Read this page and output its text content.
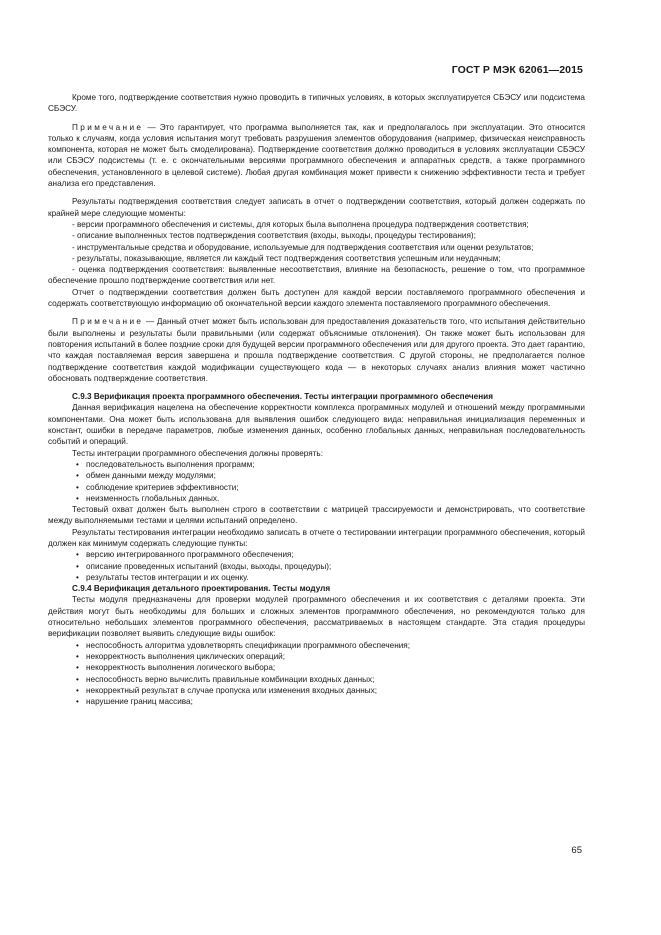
ГОСТ Р МЭК 62061—2015

Кроме того, подтверждение соответствия нужно проводить в типичных условиях, в которых эксплуатируется СБЭСУ или подсистема СБЭСУ.

Примечание — Это гарантирует, что программа выполняется так, как и предполагалось при эксплуатации. Это относится только к случаям, когда условия испытания могут требовать разрушения элементов оборудования (например, физическая неисправность компонента, которая не может быть смоделирована). Подтверждение соответствия должно проводиться в условиях эксплуатации СБЭСУ или СБЭСУ подсистемы (т. е. с окончательными версиями программного обеспечения и аппаратных средств, а также программного обеспечения, установленного в целевой системе). Любая другая комбинация может привести к снижению эффективности теста и требует анализа его представления.

Результаты подтверждения соответствия следует записать в отчет о подтверждении соответствия, который должен содержать по крайней мере следующие моменты:

- версии программного обеспечения и системы, для которых была выполнена процедура подтверждения соответствия;
- описание выполненных тестов подтверждения соответствия (входы, выходы, процедуры тестирования);
- инструментальные средства и оборудование, используемые для подтверждения соответствия или оценки результатов;
- результаты, показывающие, является ли каждый тест подтверждения соответствия успешным или неудачным;
- оценка подтверждения соответствия: выявленные несоответствия, влияние на безопасность, решение о том, что программное обеспечение прошло подтверждение соответствия или нет.

Отчет о подтверждении соответствия должен быть доступен для каждой версии поставляемого программного обеспечения и содержать соответствующую информацию об окончательной версии каждого элемента поставляемого программного обеспечения.

Примечание — Данный отчет может быть использован для предоставления доказательств того, что испытания действительно были выполнены и результаты были правильными (или содержат объяснимые отклонения). Он также может быть использован для повторения испытаний в более поздние сроки для будущей версии программного обеспечения или для другого проекта. Это дает гарантию, что каждая поставляемая версия завершена и прошла подтверждение соответствия. С другой стороны, не предполагается полное подтверждение соответствия каждой модификации существующего кода — в некоторых случаях анализ влияния может частично обосновать подтверждение соответствия.

С.9.3 Верификация проекта программного обеспечения. Тесты интеграции программного обеспечения

Данная верификация нацелена на обеспечение корректности комплекса программных модулей и отношений между программными компонентами. Она может быть использована для выявления ошибок следующего вида: неправильная инициализация переменных и констант, ошибки в передаче параметров, любые изменения данных, особенно глобальных данных, неправильная последовательность событий и операций.

Тесты интеграции программного обеспечения должны проверять:

• последовательность выполнения программ;
• обмен данными между модулями;
• соблюдение критериев эффективности;
• неизменность глобальных данных.

Тестовый охват должен быть выполнен строго в соответствии с матрицей трассируемости и демонстрировать, что соответствие между выполняемыми тестами и целями испытаний определено.

Результаты тестирования интеграции необходимо записать в отчете о тестировании интеграции программного обеспечения, который должен как минимум содержать следующие пункты:

• версию интегрированного программного обеспечения;
• описание проведенных испытаний (входы, выходы, процедуры);
• результаты тестов интеграции и их оценку.

С.9.4 Верификация детального проектирования. Тесты модуля

Тесты модуля предназначены для проверки модулей программного обеспечения и их соответствия с деталями проекта. Эти действия могут быть необходимы для больших и сложных элементов программного обеспечения, но рекомендуются только для относительно небольших элементов программного обеспечения, рассматриваемых в настоящем стандарте. Эта стадия процедуры верификации позволяет выявить следующие виды ошибок:

• неспособность алгоритма удовлетворять спецификации программного обеспечения;
• некорректность выполнения циклических операций;
• некорректность выполнения логического выбора;
• неспособность верно вычислить правильные комбинации входных данных;
• некорректный результат в случае пропуска или изменения входных данных;
• нарушение границ массива;
65
